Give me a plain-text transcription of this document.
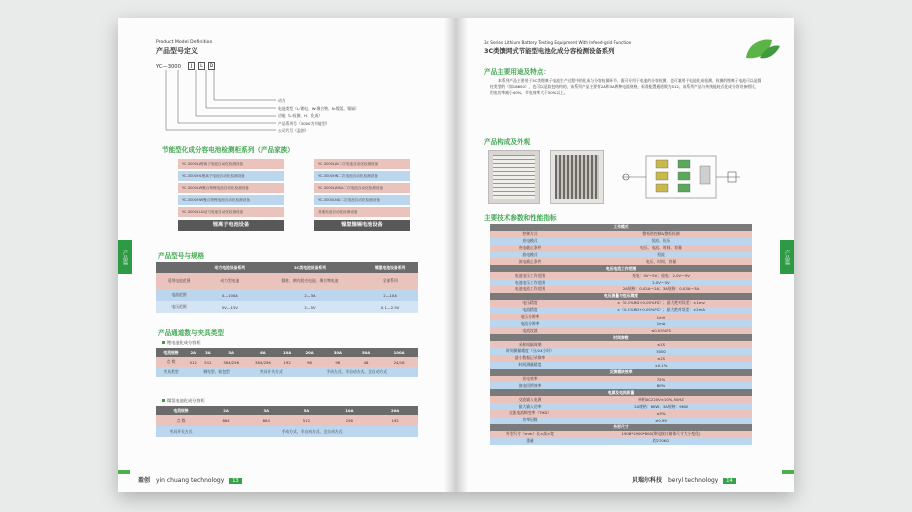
Product Model Definition
产品型号定义
YC—3000	J	L	D
动力
电池类型（L:锂电、W:聚合物、N:镍氢、镍镉）
功能（L:检测、H：化成）
产品系列号（3000为节能型）
公司代号（盈创）
节能型化成分容电池检测柜系列（产品家族）
YC-3000LJ锂离子电池自动化检测设备
YC-3000HL锂离子电池自动化检测设备
YC-3000LW聚合物锂电池自动化检测设备
YC-3000HW聚合物锂电池自动化检测设备
YC-3000LLD动力电池自动化检测设备
锂离子电池设备
YC-3000LJN二次电池自动化检测设备
YC-3000HN二次电池自动化检测设备
YC-3000LJNSA二次电池自动化检测设备
YC-3000LND二次电池自动化检测设备
其他电池自动化检测设备
镍氢镍镉电池设备
产品型号与规格
	动力电池设备系列	3C类电池设备系列	镍氢电池设备系列
适用电池范围	动力型电池	圆柱、钢壳铝壳电池、聚合物电池	全部系列
电流范围	5—100A	2—3A	2—10A
电压范围	5V—15V	2—5V	0.1—2.5V
产品通道数与夹具类型
锂电池化成分容柜
电流规格	2A	3A	5A	6A	10A	20A	30A	50A	100A
点 数	512	512	384/256	384/256	192	96	96	48	24/16
夹具类型	钢壳型、软包型			夹具开关方式		手动方式、半自动方式、全自动方式			
镍氢电池化成分容柜
电流规格	2A	3A	5A	10A	20A
点 数	864	864	512	256	192
夹具开关方式	手动方式、半自动方式、全自动方式				
产品篇
盈创 yin chuang technology 13
3c Series Lithium Battery Testing Equipment With Infeed-grid Function
3C类馈网式节能型电池化成分容检测设备系列
产品主要用途及特点：
本系列产品主要用于3C类锂离子电池生产过程中的化成与分容检测环节，既可专用于电池的分容检测，也可兼用于电池化成检测，检测的锂离子电池可以是圆柱类型的（如18650），也可以是软包结构的，该系列产品主要有2A和3A两种电流规格，标准配置通道数为512。该系列产品与传统能耗式化成分容设备相比，用电功率减小40%，节电效率大于50%以上。
产品构成及外观
主要技术参数和性能指标
工作模式	
控制方式	整柜供控制&整柜检测
充电模式	恒流、恒压
充电截止条件	电压、电流、时间、容量
放电模式	恒流
放电截止条件	电压、时间、容量
电压电流工作范围	
电池电压工作范围	充电：0V～5V；放电：2.0V～5V
电池电压工作范围	2.0V～5V
电池电流工作范围	2A规格：0.02A～2A；3A规格：0.03A～3A
电压测量与恒压精度	
电压精度	±（0.1%RD+0.05%FS）；最大绝对误差：±1mv
电流精度	±（0.1%RD+0.05%FS）；最大绝对误差：±2mA
电压分辨率	1mV
电流分辨率	1mA
电流纹波	≤0.05%FS
时间参数	
采样间隔周期	≤1S
时间测量精度（分/24小时）	3000
最小数据记录频率	≤1S
时间测量精度	±0.1%
反馈模块效率	
充电效率	75%
放电回馈效率	80%
电源及电网质量	
交流输入电源	单相AC220V±10%,50HZ
最大输入功率	2A规格：6KW；3A规格：9KW
交流电流畸变率（THD）	≤5%
功率因数	≥0.99
外形尺寸	
外型尺寸（mm）长×高×宽	1908*1900*600(馈电接口箱体尺寸大小变化)
重量	约270KG
产品篇
贝瑞尔科技 beryl technology 14
